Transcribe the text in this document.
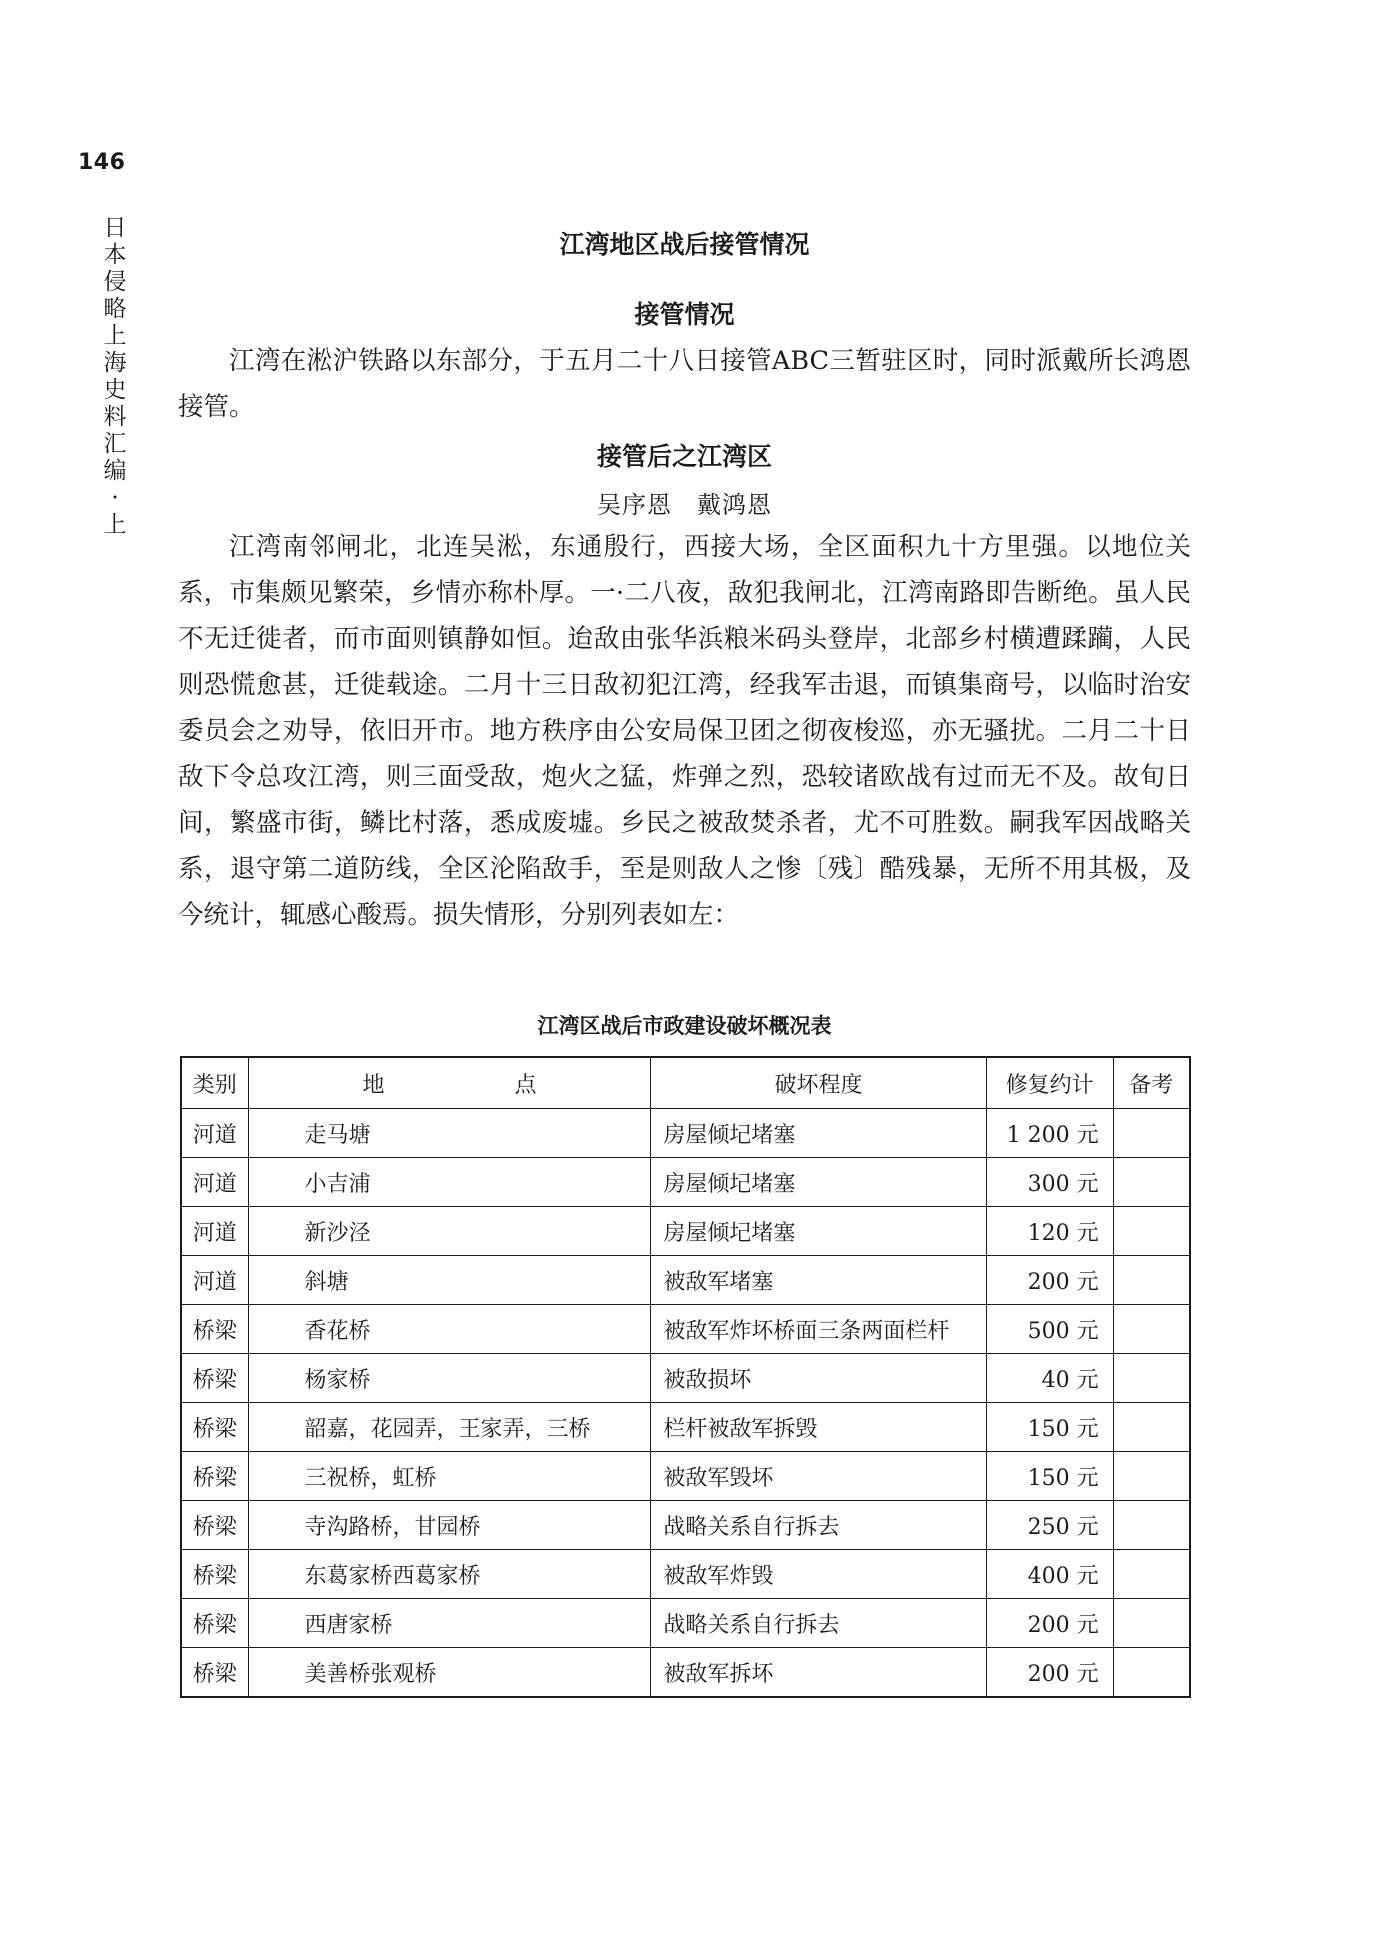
146
日本侵略上海史料汇编·上
江湾地区战后接管情况
接管情况

江湾在淞沪铁路以东部分，于五月二十八日接管ABC三暂驻区时，同时派戴所长鸿恩接管。

接管后之江湾区
吴序恩　戴鸿恩

江湾南邻闸北，北连吴淞，东通殷行，西接大场，全区面积九十方里强。以地位关系，市集颇见繁荣，乡情亦称朴厚。一·二八夜，敌犯我闸北，江湾南路即告断绝。虽人民不无迁徙者，而市面则镇静如恒。迨敌由张华浜粮米码头登岸，北部乡村横遭蹂躏，人民则恐慌愈甚，迁徙载途。二月十三日敌初犯江湾，经我军击退，而镇集商号，以临时治安委员会之劝导，依旧开市。地方秩序由公安局保卫团之彻夜梭巡，亦无骚扰。二月二十日敌下令总攻江湾，则三面受敌，炮火之猛，炸弹之烈，恐较诸欧战有过而无不及。故旬日间，繁盛市街，鳞比村落，悉成废墟。乡民之被敌焚杀者，尤不可胜数。嗣我军因战略关系，退守第二道防线，全区沦陷敌手，至是则敌人之惨〔残〕酷残暴，无所不用其极，及今统计，辄感心酸焉。损失情形，分别列表如左：

江湾区战后市政建设破坏概况表
类别	地 点	破坏程度	修复约计	备考
河道	走马塘	房屋倾圮堵塞	1 200 元	
河道	小吉浦	房屋倾圮堵塞	300 元	
河道	新沙泾	房屋倾圮堵塞	120 元	
河道	斜塘	被敌军堵塞	200 元	
桥梁	香花桥	被敌军炸坏桥面三条两面栏杆	500 元	
桥梁	杨家桥	被敌损坏	40 元	
桥梁	韶嘉，花园弄，王家弄，三桥	栏杆被敌军拆毁	150 元	
桥梁	三祝桥，虹桥	被敌军毁坏	150 元	
桥梁	寺沟路桥，甘园桥	战略关系自行拆去	250 元	
桥梁	东葛家桥西葛家桥	被敌军炸毁	400 元	
桥梁	西唐家桥	战略关系自行拆去	200 元	
桥梁	美善桥张观桥	被敌军拆坏	200 元	
